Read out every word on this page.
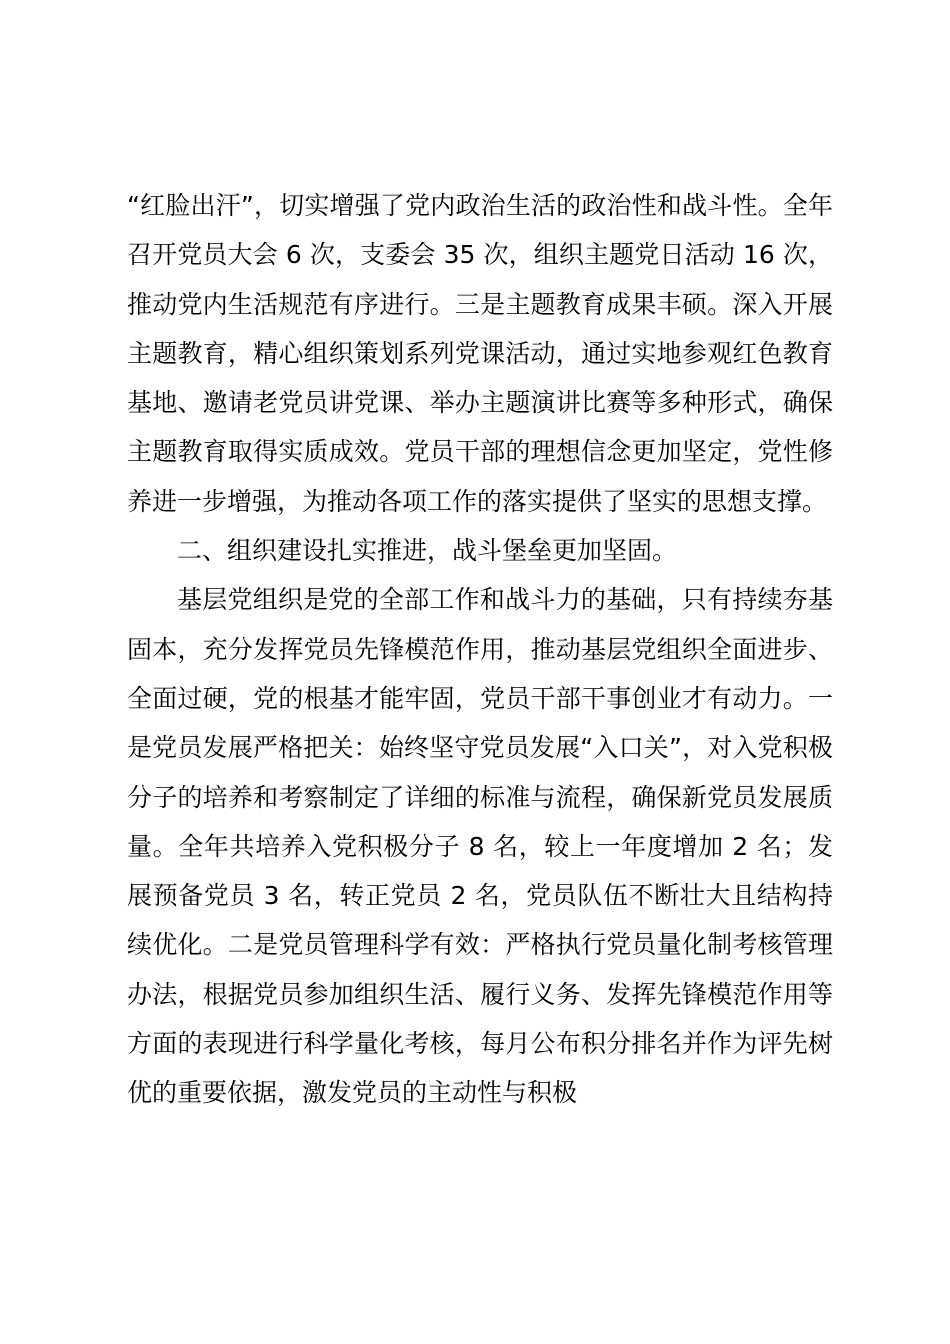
“红脸出汗”，切实增强了党内政治生活的政治性和战斗性。全年召开党员大会 6 次，支委会 35 次，组织主题党日活动 16 次，推动党内生活规范有序进行。三是主题教育成果丰硕。深入开展主题教育，精心组织策划系列党课活动，通过实地参观红色教育基地、邀请老党员讲党课、举办主题演讲比赛等多种形式，确保主题教育取得实质成效。党员干部的理想信念更加坚定，党性修养进一步增强，为推动各项工作的落实提供了坚实的思想支撑。

二、组织建设扎实推进，战斗堡垒更加坚固。

基层党组织是党的全部工作和战斗力的基础，只有持续夯基固本，充分发挥党员先锋模范作用，推动基层党组织全面进步、全面过硬，党的根基才能牢固，党员干部干事创业才有动力。一是党员发展严格把关：始终坚守党员发展“入口关”，对入党积极分子的培养和考察制定了详细的标准与流程，确保新党员发展质量。全年共培养入党积极分子 8 名，较上一年度增加 2 名；发展预备党员 3 名，转正党员 2 名，党员队伍不断壮大且结构持续优化。二是党员管理科学有效：严格执行党员量化制考核管理办法，根据党员参加组织生活、履行义务、发挥先锋模范作用等方面的表现进行科学量化考核，每月公布积分排名并作为评先树优的重要依据，激发党员的主动性与积极
